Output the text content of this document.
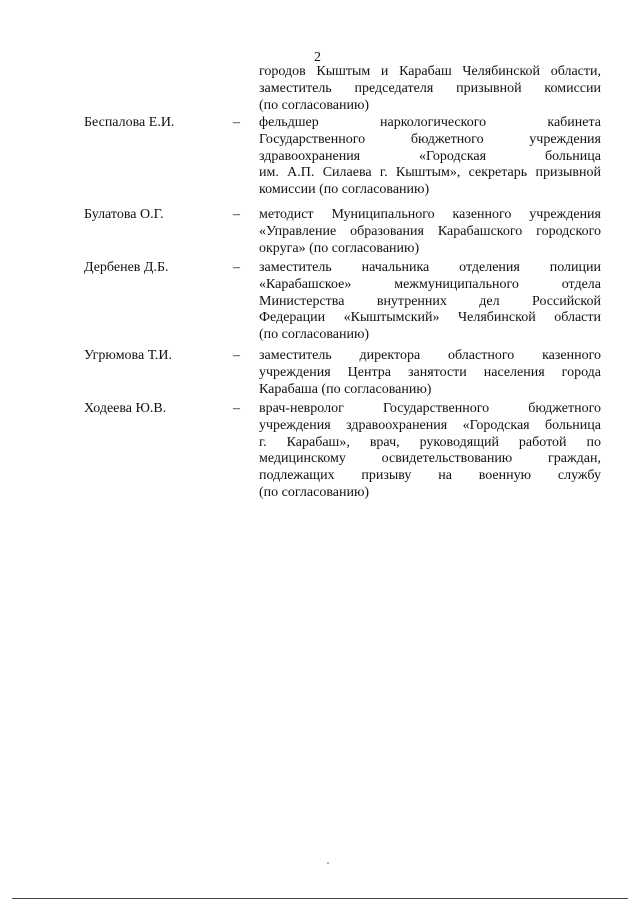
2
городов Кыштым и Карабаш Челябинской области,
заместитель председателя призывной комиссии
(по согласованию)
Беспалова Е.И.	– фельдшер наркологического кабинета
Государственного бюджетного учреждения
здравоохранения «Городская больница
им. А.П. Силаева г. Кыштым», секретарь призывной
комиссии (по согласованию)
Булатова О.Г.	– методист Муниципального казенного учреждения
«Управление образования Карабашского городского
округа» (по согласованию)
Дербенев Д.Б.	– заместитель начальника отделения полиции
«Карабашское» межмуниципального отдела
Министерства внутренних дел Российской
Федерации «Кыштымский» Челябинской области
(по согласованию)
Угрюмова Т.И.	– заместитель директора областного казенного
учреждения Центра занятости населения города
Карабаша (по согласованию)
Ходеева Ю.В.	– врач-невролог Государственного бюджетного
учреждения здравоохранения «Городская больница
г. Карабаш», врач, руководящий работой по
медицинскому освидетельствованию граждан,
подлежащих призыву на военную службу
(по согласованию)
